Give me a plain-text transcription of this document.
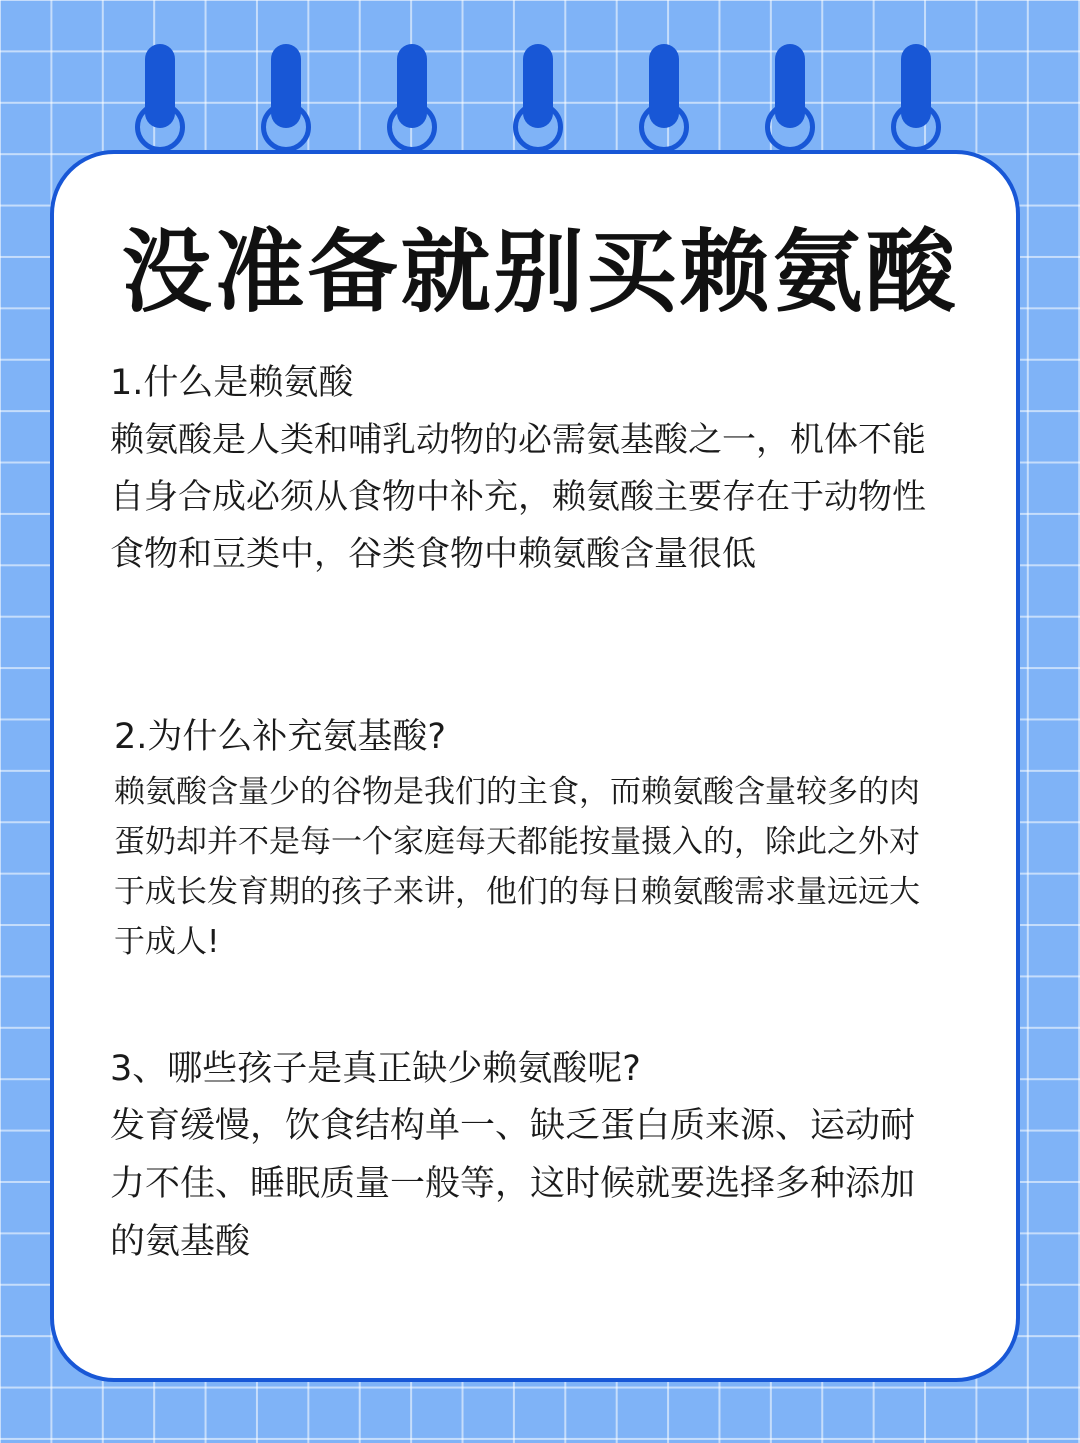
没准备就别买赖氨酸

1.什么是赖氨酸

赖氨酸是人类和哺乳动物的必需氨基酸之一，机体不能自身合成必须从食物中补充，赖氨酸主要存在于动物性食物和豆类中，谷类食物中赖氨酸含量很低

2.为什么补充氨基酸?

赖氨酸含量少的谷物是我们的主食，而赖氨酸含量较多的肉蛋奶却并不是每一个家庭每天都能按量摄入的，除此之外对于成长发育期的孩子来讲，他们的每日赖氨酸需求量远远大于成人!

3、哪些孩子是真正缺少赖氨酸呢?

发育缓慢，饮食结构单一、缺乏蛋白质来源、运动耐力不佳、睡眠质量一般等，这时候就要选择多种添加的氨基酸
